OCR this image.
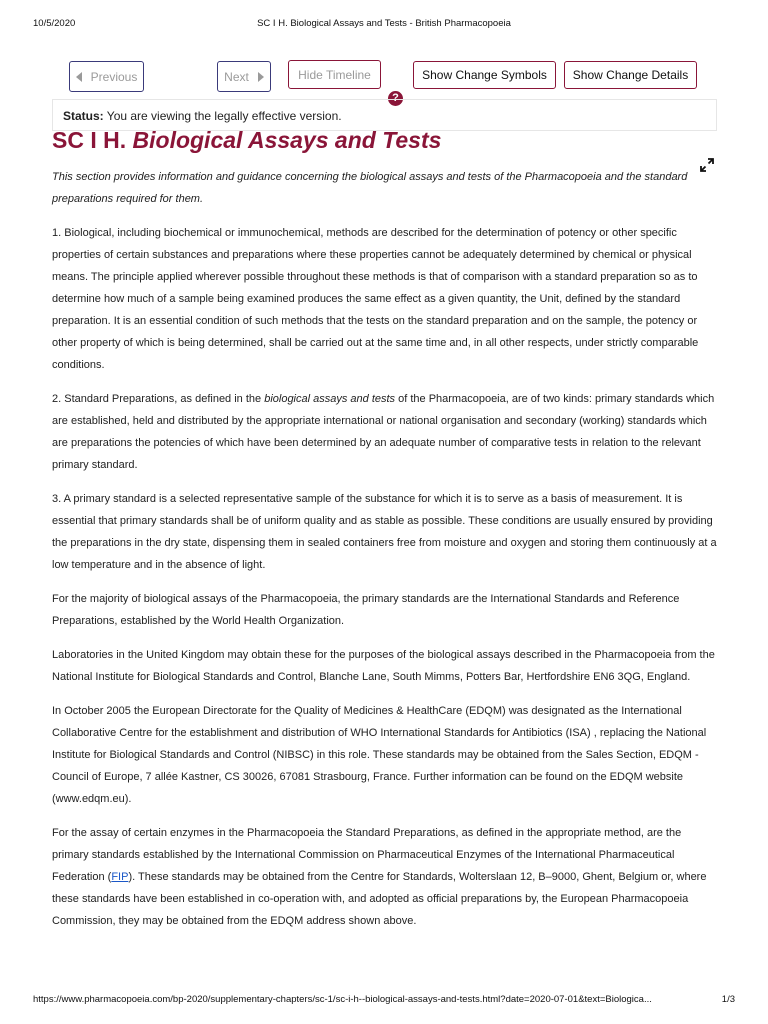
10/5/2020	SC I H. Biological Assays and Tests - British Pharmacopoeia
Previous	Next	Hide Timeline	Show Change Symbols Show Change Details
?
Status: You are viewing the legally effective version.
SC I H. Biological Assays and Tests

This section provides information and guidance concerning the biological assays and tests of the Pharmacopoeia and the standard preparations required for them.

1. Biological, including biochemical or immunochemical, methods are described for the determination of potency or other specific properties of certain substances and preparations where these properties cannot be adequately determined by chemical or physical means. The principle applied wherever possible throughout these methods is that of comparison with a standard preparation so as to determine how much of a sample being examined produces the same effect as a given quantity, the Unit, defined by the standard preparation. It is an essential condition of such methods that the tests on the standard preparation and on the sample, the potency or other property of which is being determined, shall be carried out at the same time and, in all other respects, under strictly comparable conditions.

2. Standard Preparations, as defined in the biological assays and tests of the Pharmacopoeia, are of two kinds: primary standards which are established, held and distributed by the appropriate international or national organisation and secondary (working) standards which are preparations the potencies of which have been determined by an adequate number of comparative tests in relation to the relevant primary standard.

3. A primary standard is a selected representative sample of the substance for which it is to serve as a basis of measurement. It is essential that primary standards shall be of uniform quality and as stable as possible. These conditions are usually ensured by providing the preparations in the dry state, dispensing them in sealed containers free from moisture and oxygen and storing them continuously at a low temperature and in the absence of light.

For the majority of biological assays of the Pharmacopoeia, the primary standards are the International Standards and Reference Preparations, established by the World Health Organization.

Laboratories in the United Kingdom may obtain these for the purposes of the biological assays described in the Pharmacopoeia from the National Institute for Biological Standards and Control, Blanche Lane, South Mimms, Potters Bar, Hertfordshire EN6 3QG, England.

In October 2005 the European Directorate for the Quality of Medicines & HealthCare (EDQM) was designated as the International Collaborative Centre for the establishment and distribution of WHO International Standards for Antibiotics (ISA) , replacing the National Institute for Biological Standards and Control (NIBSC) in this role. These standards may be obtained from the Sales Section, EDQM - Council of Europe, 7 allée Kastner, CS 30026, 67081 Strasbourg, France. Further information can be found on the EDQM website (www.edqm.eu).

For the assay of certain enzymes in the Pharmacopoeia the Standard Preparations, as defined in the appropriate method, are the primary standards established by the International Commission on Pharmaceutical Enzymes of the International Pharmaceutical Federation (FIP). These standards may be obtained from the Centre for Standards, Wolterslaan 12, B–9000, Ghent, Belgium or, where these standards have been established in co-operation with, and adopted as official preparations by, the European Pharmacopoeia Commission, they may be obtained from the EDQM address shown above.

https://www.pharmacopoeia.com/bp-2020/supplementary-chapters/sc-1/sc-i-h--biological-assays-and-tests.html?date=2020-07-01&text=Biologica...	1/3
